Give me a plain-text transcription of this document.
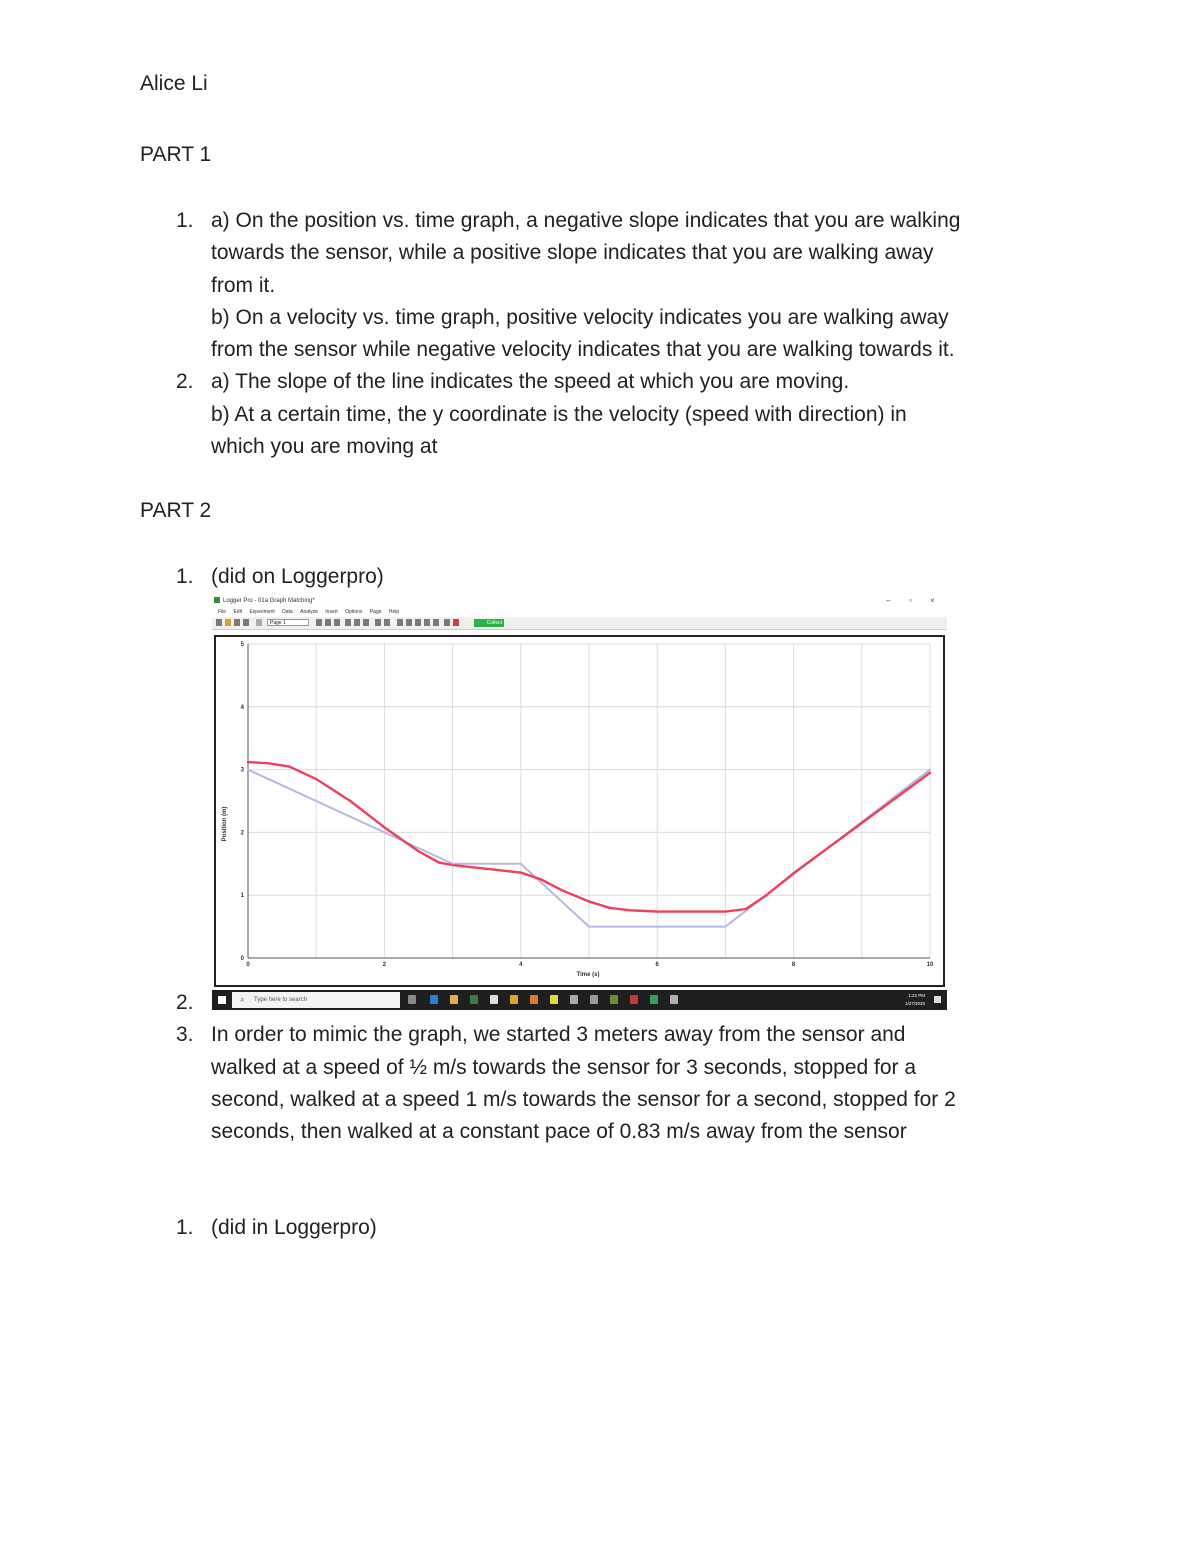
Alice Li

PART 1

1. a) On the position vs. time graph, a negative slope indicates that you are walking
towards the sensor, while a positive slope indicates that you are walking away
from it.
b) On a velocity vs. time graph, positive velocity indicates you are walking away
from the sensor while negative velocity indicates that you are walking towards it.
2. a) The slope of the line indicates the speed at which you are moving.
b) At a certain time, the y coordinate is the velocity (speed with direction) in
which you are moving at

PART 2

1. (did on Loggerpro)
Logger Pro - 01a Graph Matching*	– ▫ ×
File Edit Experiment Data Analyze Insert Options Page Help
Page 1	Collect
0	2	4	6	8	10
0
1
2
3
4
5
Position (m)
Time (s)
⌕ Type here to search
1:22 PM
1/27/2020
2.

3. In order to mimic the graph, we started 3 meters away from the sensor and
walked at a speed of ½ m/s towards the sensor for 3 seconds, stopped for a
second, walked at a speed 1 m/s towards the sensor for a second, stopped for 2
seconds, then walked at a constant pace of 0.83 m/s away from the sensor
1. (did in Loggerpro)
